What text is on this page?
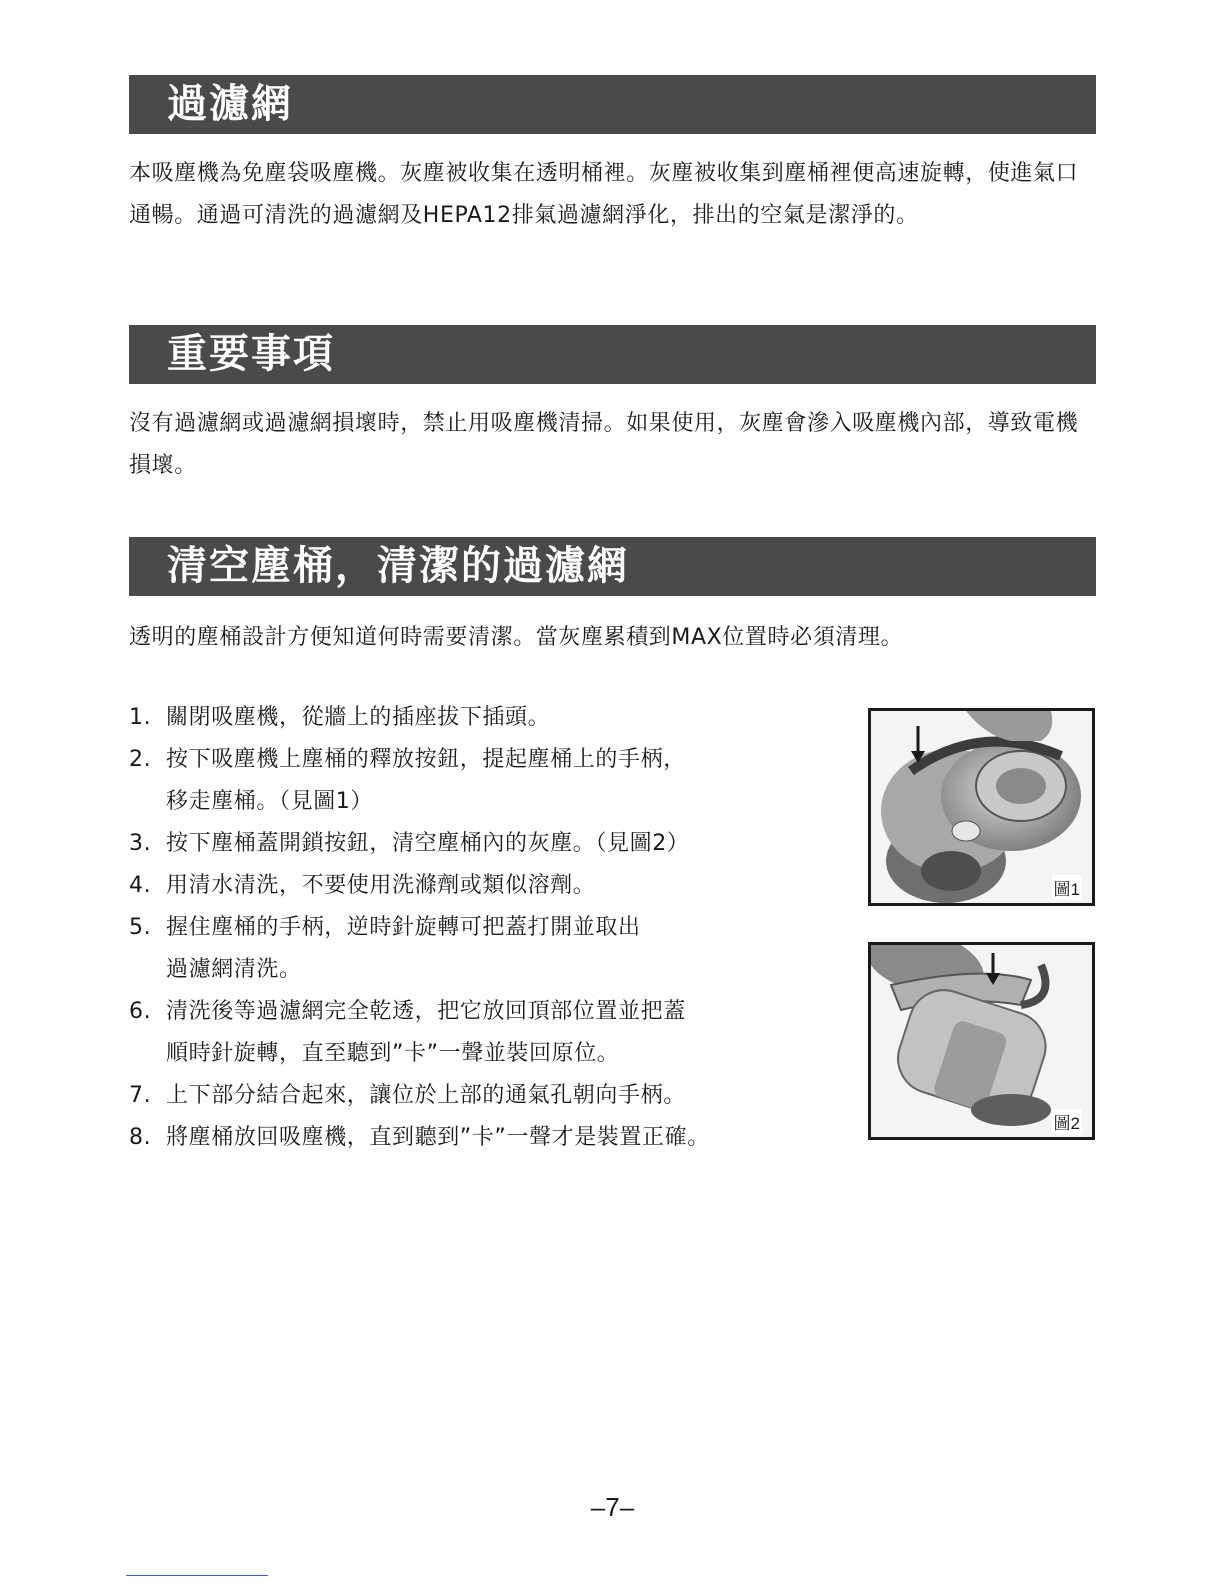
過濾網
本吸塵機為免塵袋吸塵機。灰塵被收集在透明桶裡。灰塵被收集到塵桶裡便高速旋轉，使進氣口通暢。通過可清洗的過濾網及HEPA12排氣過濾網淨化，排出的空氣是潔淨的。
重要事項
沒有過濾網或過濾網損壞時，禁止用吸塵機清掃。如果使用，灰塵會滲入吸塵機內部，導致電機損壞。
清空塵桶，清潔的過濾網
透明的塵桶設計方便知道何時需要清潔。當灰塵累積到MAX位置時必須清理。
1. 關閉吸塵機，從牆上的插座拔下插頭。
2. 按下吸塵機上塵桶的釋放按鈕，提起塵桶上的手柄，
移走塵桶。（見圖1）
3. 按下塵桶蓋開鎖按鈕，清空塵桶內的灰塵。（見圖2）
4. 用清水清洗，不要使用洗滌劑或類似溶劑。
5. 握住塵桶的手柄，逆時針旋轉可把蓋打開並取出
過濾網清洗。
6. 清洗後等過濾網完全乾透，把它放回頂部位置並把蓋
順時針旋轉，直至聽到”卡”一聲並裝回原位。
7. 上下部分結合起來，讓位於上部的通氣孔朝向手柄。
8. 將塵桶放回吸塵機，直到聽到”卡”一聲才是裝置正確。
圖1
圖2
–7–
